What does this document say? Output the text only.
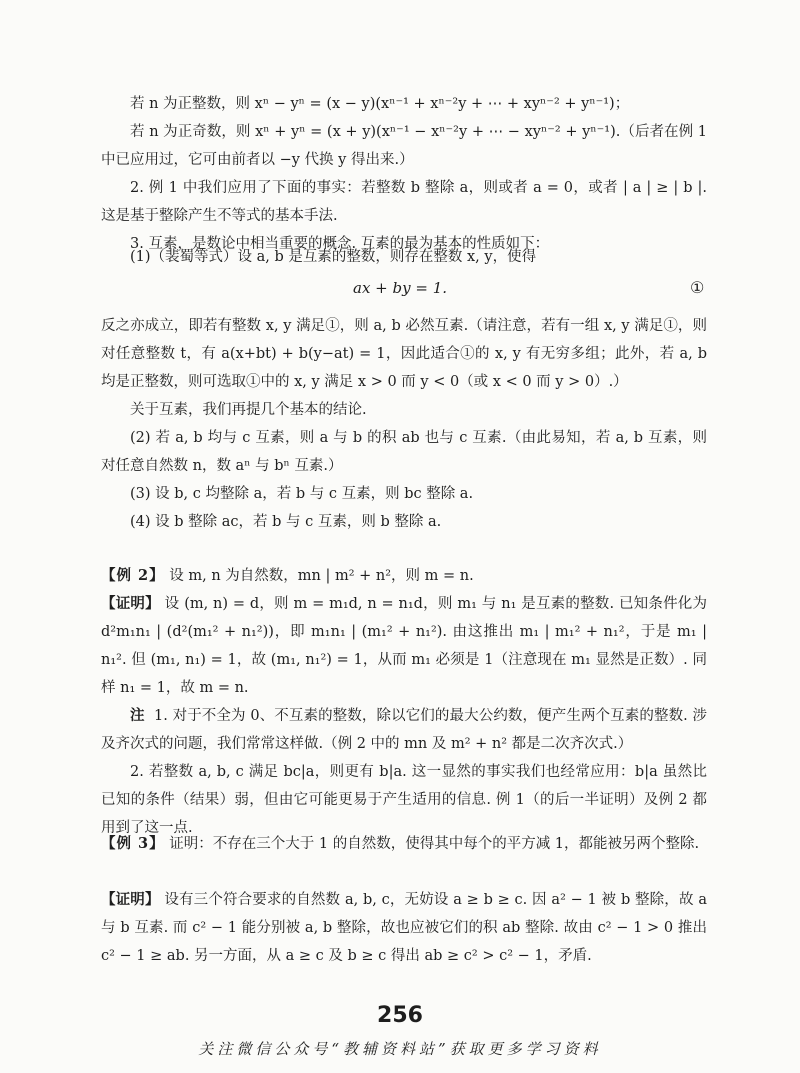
若 n 为正整数，则 xⁿ − yⁿ = (x − y)(xⁿ⁻¹ + xⁿ⁻²y + ⋯ + xyⁿ⁻² + yⁿ⁻¹)；

若 n 为正奇数，则 xⁿ + yⁿ = (x + y)(xⁿ⁻¹ − xⁿ⁻²y + ⋯ − xyⁿ⁻² + yⁿ⁻¹).（后者在例 1 中已应用过，它可由前者以 −y 代换 y 得出来.）

2. 例 1 中我们应用了下面的事实：若整数 b 整除 a，则或者 a = 0，或者 | a | ≥ | b |. 这是基于整除产生不等式的基本手法.

3. 互素，是数论中相当重要的概念. 互素的最为基本的性质如下：

(1)（裴蜀等式）设 a, b 是互素的整数，则存在整数 x, y，使得

ax + by = 1.	①

反之亦成立，即若有整数 x, y 满足①，则 a, b 必然互素.（请注意，若有一组 x, y 满足①，则对任意整数 t，有 a(x+bt) + b(y−at) = 1，因此适合①的 x, y 有无穷多组；此外，若 a, b 均是正整数，则可选取①中的 x, y 满足 x > 0 而 y < 0（或 x < 0 而 y > 0）.）

关于互素，我们再提几个基本的结论.

(2) 若 a, b 均与 c 互素，则 a 与 b 的积 ab 也与 c 互素.（由此易知，若 a, b 互素，则对任意自然数 n，数 aⁿ 与 bⁿ 互素.）

(3) 设 b, c 均整除 a，若 b 与 c 互素，则 bc 整除 a.

(4) 设 b 整除 ac，若 b 与 c 互素，则 b 整除 a.

【例 2】 设 m, n 为自然数，mn | m² + n²，则 m = n.

【证明】 设 (m, n) = d，则 m = m₁d, n = n₁d，则 m₁ 与 n₁ 是互素的整数. 已知条件化为 d²m₁n₁ | (d²(m₁² + n₁²))，即 m₁n₁ | (m₁² + n₁²). 由这推出 m₁ | m₁² + n₁²，于是 m₁ | n₁². 但 (m₁, n₁) = 1，故 (m₁, n₁²) = 1，从而 m₁ 必须是 1（注意现在 m₁ 显然是正数）. 同样 n₁ = 1，故 m = n.

注 1. 对于不全为 0、不互素的整数，除以它们的最大公约数，便产生两个互素的整数. 涉及齐次式的问题，我们常常这样做.（例 2 中的 mn 及 m² + n² 都是二次齐次式.）

2. 若整数 a, b, c 满足 bc|a，则更有 b|a. 这一显然的事实我们也经常应用：b|a 虽然比已知的条件（结果）弱，但由它可能更易于产生适用的信息. 例 1（的后一半证明）及例 2 都用到了这一点.

【例 3】 证明：不存在三个大于 1 的自然数，使得其中每个的平方减 1，都能被另两个整除.

【证明】 设有三个符合要求的自然数 a, b, c，无妨设 a ≥ b ≥ c. 因 a² − 1 被 b 整除，故 a 与 b 互素. 而 c² − 1 能分别被 a, b 整除，故也应被它们的积 ab 整除. 故由 c² − 1 > 0 推出 c² − 1 ≥ ab. 另一方面，从 a ≥ c 及 b ≥ c 得出 ab ≥ c² > c² − 1，矛盾.

256
关注微信公众号“教辅资料站”获取更多学习资料
